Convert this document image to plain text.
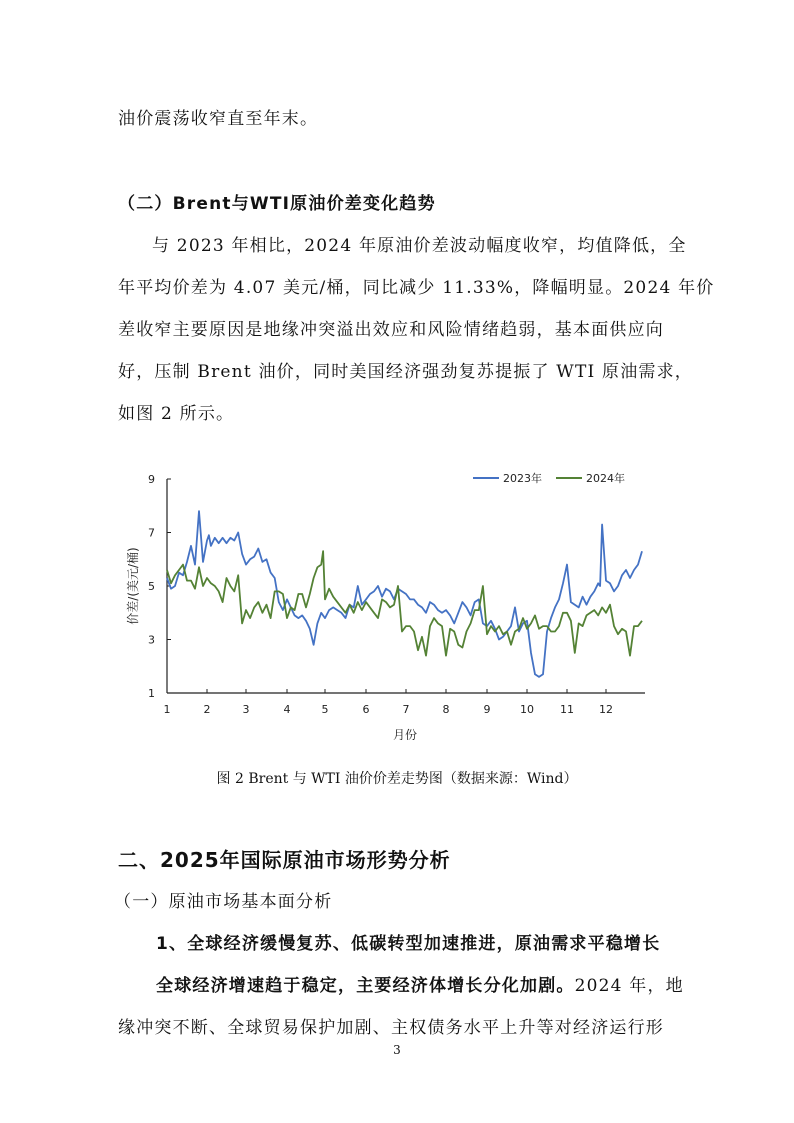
油价震荡收窄直至年末。
（二）Brent与WTI原油价差变化趋势
与 2023 年相比，2024 年原油价差波动幅度收窄，均值降低，全
年平均价差为 4.07 美元/桶，同比减少 11.33%，降幅明显。2024 年价
差收窄主要原因是地缘冲突溢出效应和风险情绪趋弱，基本面供应向
好，压制 Brent 油价，同时美国经济强劲复苏提振了 WTI 原油需求，
如图 2 所示。
1
3
5
7
9
1	2	3	4	5	6	7	8	9	10 11 12
月份
价差/(美元/桶)
2023年	2024年
图 2 Brent 与 WTI 油价价差走势图（数据来源：Wind）
二、2025年国际原油市场形势分析
（一）原油市场基本面分析
1、全球经济缓慢复苏、低碳转型加速推进，原油需求平稳增长
全球经济增速趋于稳定，主要经济体增长分化加剧。2024 年，地
缘冲突不断、全球贸易保护加剧、主权债务水平上升等对经济运行形
3
